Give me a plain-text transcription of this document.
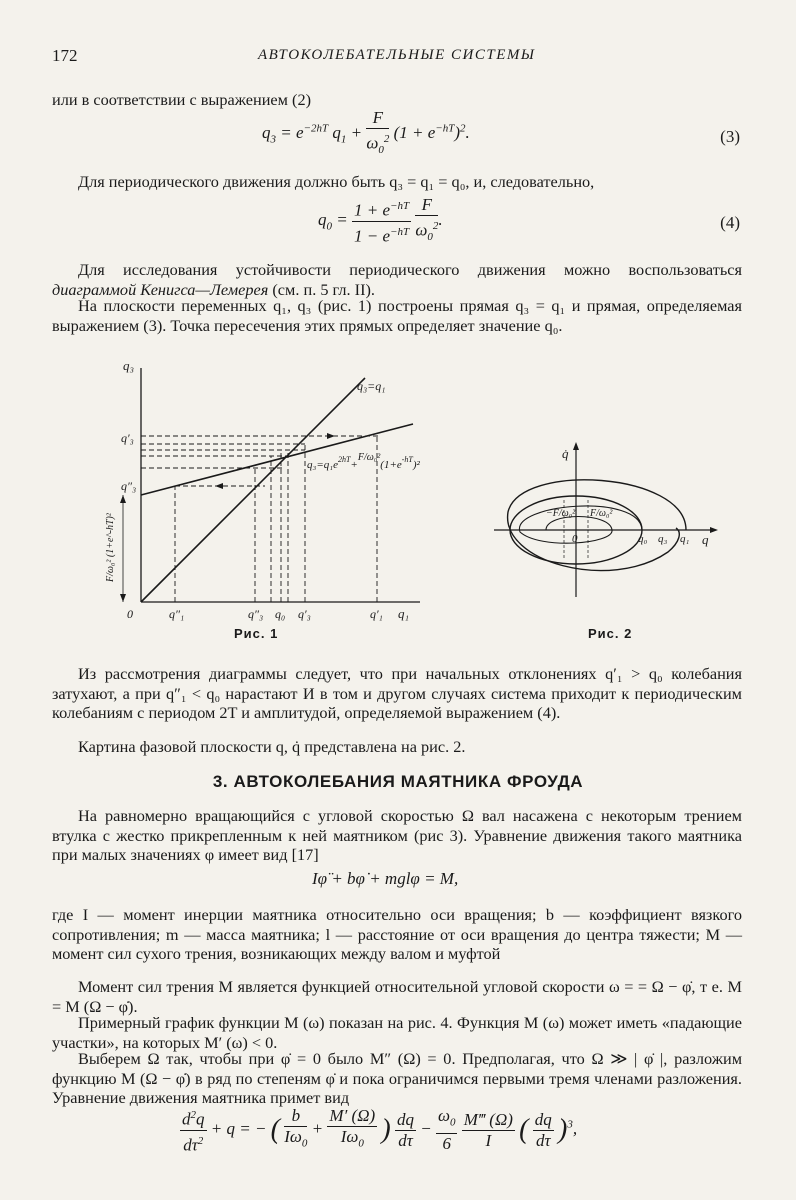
172	АВТОКОЛЕБАТЕЛЬНЫЕ СИСТЕМЫ

или в соответствии с выражением (2)

$q_3 = e^{-2hT}$ $q_1 + \frac{F}{\omega_0^2} (1 + e^{-hT})^2$.	(3)

Для периодического движения должно быть q₃ = q₁ = q₀, и, следовательно,

$q_0 = \frac{1 + e^{-hT}}{1 - e^{-hT}}$
$\frac{F}{\omega_0^2}$ .	(4)

Для исследования устойчивости периодического движения можно воспользоваться диаграммой Кенигса—Лемерея (см. п. 5 гл. II).

На плоскости переменных q₁, q₃ (рис. 1) построены прямая q₃ = q₁ и прямая, определяемая выражением (3). Точка пересечения этих прямых определяет значение q₀.

q₃
q₁
q₃=q₁
$q_3=q_1e^{2hT}+F/\omega_0^2(1+e^{-hT})^2$
q′₃
q″₃
F/ω₀² (1+e^-hT)²
0	q″₁	q″₃ q₀ q′₃	q′₁
Рис. 1
q̇
q
0	q₀ q₃ q₁
−F/ω₀² F/ω₀²
Рис. 2

Из рассмотрения диаграммы следует, что при начальных отклонениях q′₁ > q₀ колебания затухают, а при q″₁ < q₀ нарастают И в том и другом случаях система приходит к периодическим колебаниям с периодом 2T и амплитудой, определяемой выражением (4).

Картина фазовой плоскости q, q̇ представлена на рис. 2.

3. АВТОКОЛЕБАНИЯ МАЯТНИКА ФРОУДА

На равномерно вращающийся с угловой скоростью Ω вал насажена с некоторым трением втулка с жестко прикрепленным к ней маятником (рис 3). Уравнение движения такого маятника при малых значениях φ имеет вид [17]

Iφ̈ + bφ̇ + mglφ = M,

где I — момент инерции маятника относительно оси вращения; b — коэффициент вязкого сопротивления; m — масса маятника; l — расстояние от оси вращения до центра тяжести; M — момент сил сухого трения, возникающих между валом и муфтой

Момент сил трения M является функцией относительной угловой скорости ω = = Ω − φ̇, т е. M = M (Ω − φ̇).

Примерный график функции M (ω) показан на рис. 4. Функция M (ω) может иметь «падающие участки», на которых M′ (ω) < 0.

Выберем Ω так, чтобы при φ̇ = 0 было M″ (Ω) = 0. Предполагая, что Ω ≫ | φ̇ |, разложим функцию M (Ω − φ̇) в ряд по степеням φ̇ и пока ограничимся первыми тремя членами разложения. Уравнение движения маятника примет вид

$\frac{d^2q}{d\tau^2} + q$ = − ( $\frac{b}{I\omega_0} + \frac{M' (\Omega)}{I\omega_0}$ ) $\frac{dq}{d\tau} - \frac{\omega_0}{6}$
$\frac{M‴ (\Omega)}{I}$ ( $\frac{dq}{d\tau} )^3$,
